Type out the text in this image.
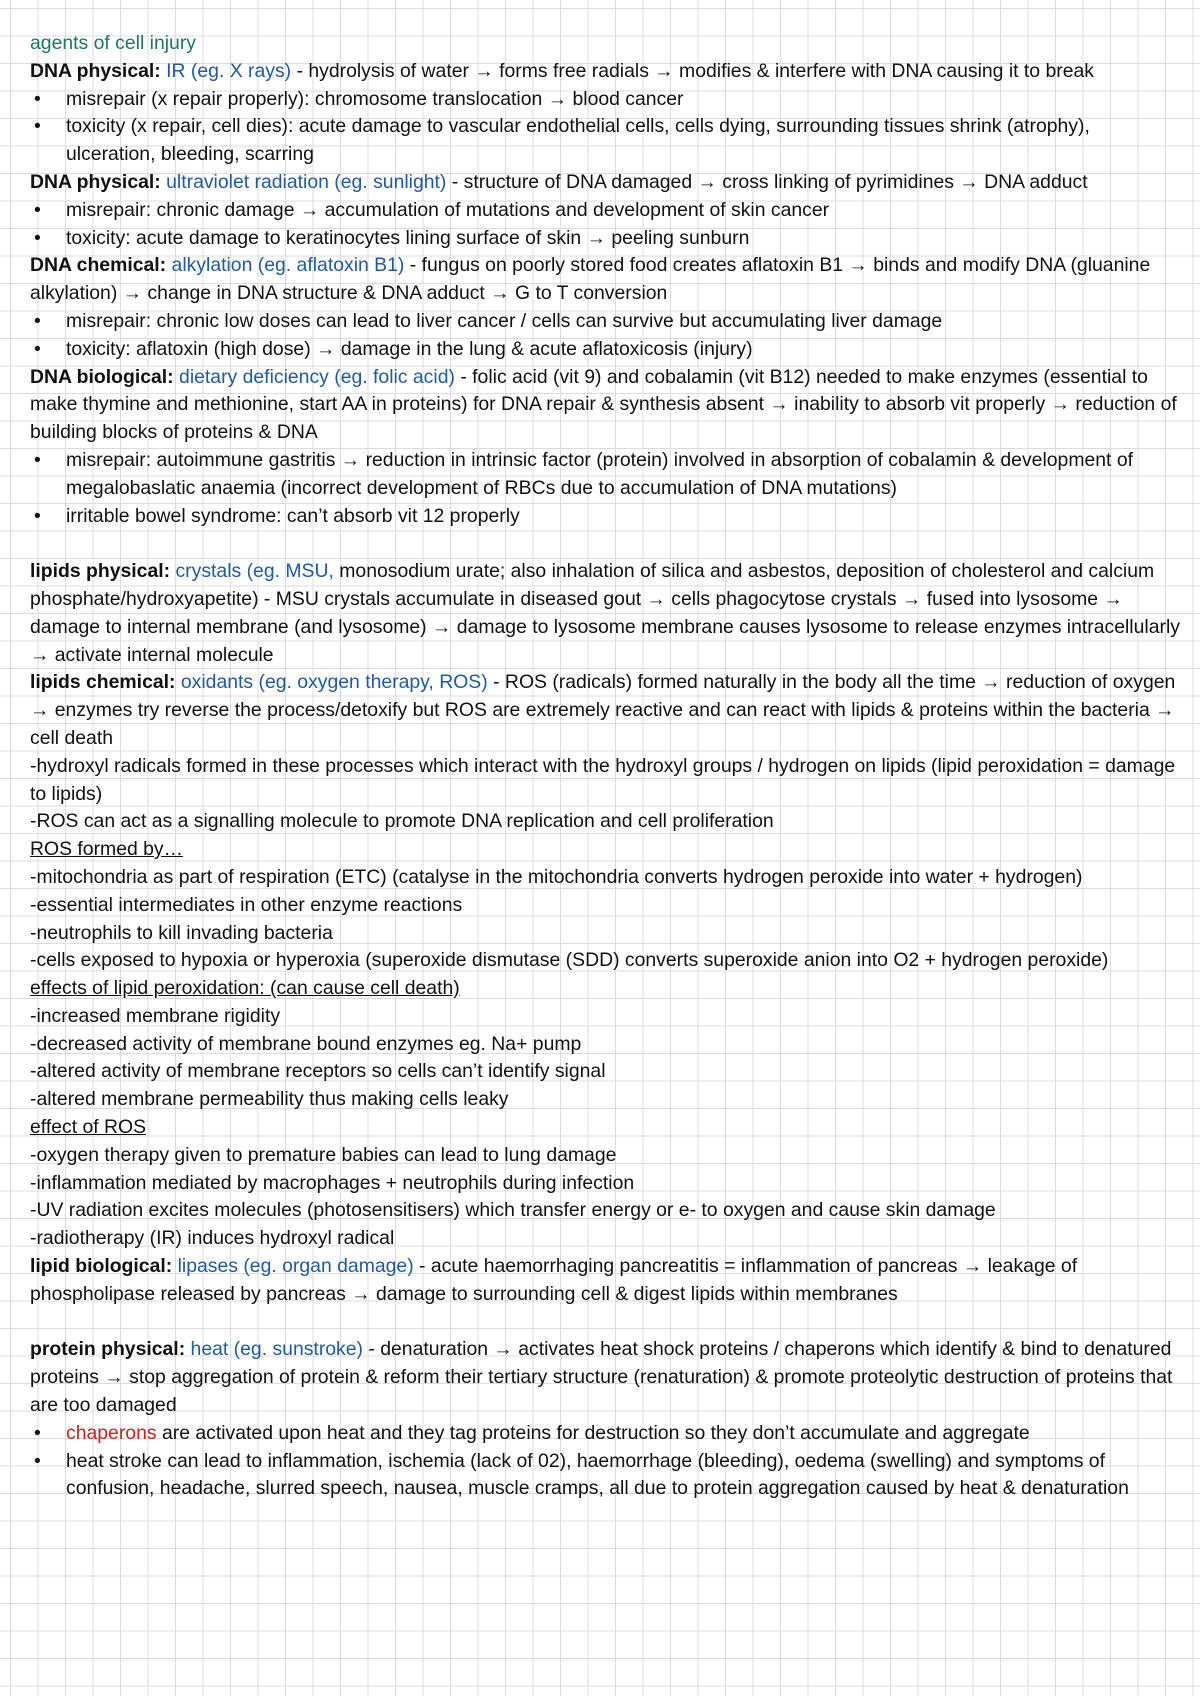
agents of cell injury

DNA physical: IR (eg. X rays) - hydrolysis of water → forms free radials → modifies & interfere with DNA causing it to break

• misrepair (x repair properly): chromosome translocation → blood cancer
• toxicity (x repair, cell dies): acute damage to vascular endothelial cells, cells dying, surrounding tissues shrink (atrophy), ulceration, bleeding, scarring

DNA physical: ultraviolet radiation (eg. sunlight) - structure of DNA damaged → cross linking of pyrimidines → DNA adduct

• misrepair: chronic damage → accumulation of mutations and development of skin cancer
• toxicity: acute damage to keratinocytes lining surface of skin → peeling sunburn

DNA chemical: alkylation (eg. aflatoxin B1) - fungus on poorly stored food creates aflatoxin B1 → binds and modify DNA (gluanine alkylation) → change in DNA structure & DNA adduct → G to T conversion

• misrepair: chronic low doses can lead to liver cancer / cells can survive but accumulating liver damage
• toxicity: aflatoxin (high dose) → damage in the lung & acute aflatoxicosis (injury)

DNA biological: dietary deficiency (eg. folic acid) - folic acid (vit 9) and cobalamin (vit B12) needed to make enzymes (essential to make thymine and methionine, start AA in proteins) for DNA repair & synthesis absent → inability to absorb vit properly → reduction of building blocks of proteins & DNA

• misrepair: autoimmune gastritis → reduction in intrinsic factor (protein) involved in absorption of cobalamin & development of megalobaslatic anaemia (incorrect development of RBCs due to accumulation of DNA mutations)
• irritable bowel syndrome: can’t absorb vit 12 properly

lipids physical: crystals (eg. MSU, monosodium urate; also inhalation of silica and asbestos, deposition of cholesterol and calcium phosphate/hydroxyapetite) - MSU crystals accumulate in diseased gout → cells phagocytose crystals → fused into lysosome → damage to internal membrane (and lysosome) → damage to lysosome membrane causes lysosome to release enzymes intracellularly → activate internal molecule

lipids chemical: oxidants (eg. oxygen therapy, ROS) - ROS (radicals) formed naturally in the body all the time → reduction of oxygen → enzymes try reverse the process/detoxify but ROS are extremely reactive and can react with lipids & proteins within the bacteria → cell death

-hydroxyl radicals formed in these processes which interact with the hydroxyl groups / hydrogen on lipids (lipid peroxidation = damage to lipids)

-ROS can act as a signalling molecule to promote DNA replication and cell proliferation

ROS formed by…

-mitochondria as part of respiration (ETC) (catalyse in the mitochondria converts hydrogen peroxide into water + hydrogen)

-essential intermediates in other enzyme reactions

-neutrophils to kill invading bacteria

-cells exposed to hypoxia or hyperoxia (superoxide dismutase (SDD) converts superoxide anion into O2 + hydrogen peroxide)

effects of lipid peroxidation: (can cause cell death)

-increased membrane rigidity

-decreased activity of membrane bound enzymes eg. Na+ pump

-altered activity of membrane receptors so cells can’t identify signal

-altered membrane permeability thus making cells leaky

effect of ROS

-oxygen therapy given to premature babies can lead to lung damage

-inflammation mediated by macrophages + neutrophils during infection

-UV radiation excites molecules (photosensitisers) which transfer energy or e- to oxygen and cause skin damage

-radiotherapy (IR) induces hydroxyl radical

lipid biological: lipases (eg. organ damage) - acute haemorrhaging pancreatitis = inflammation of pancreas → leakage of phospholipase released by pancreas → damage to surrounding cell & digest lipids within membranes

protein physical: heat (eg. sunstroke) - denaturation → activates heat shock proteins / chaperons which identify & bind to denatured proteins → stop aggregation of protein & reform their tertiary structure (renaturation) & promote proteolytic destruction of proteins that are too damaged

• chaperons are activated upon heat and they tag proteins for destruction so they don’t accumulate and aggregate
• heat stroke can lead to inflammation, ischemia (lack of 02), haemorrhage (bleeding), oedema (swelling) and symptoms of confusion, headache, slurred speech, nausea, muscle cramps, all due to protein aggregation caused by heat & denaturation
